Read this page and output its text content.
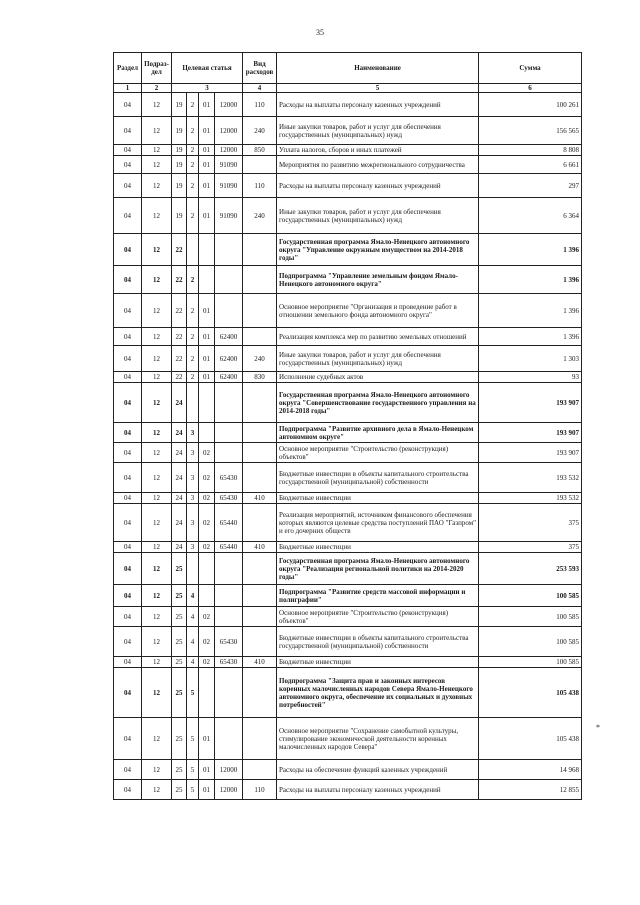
35
Раздел	Подраз-дел	Целевая статья				Вид расходов	Наименование	Сумма
1	2	3				4	5	6
04	12	19	2	01	12000	110	Расходы на выплаты персоналу казенных учреждений	100 261
04	12	19	2	01	12000	240	Иные закупки товаров, работ и услуг для обеспечения государственных (муниципальных) нужд	156 565
04	12	19	2	01	12000	850	Уплата налогов, сборов и иных платежей	8 808
04	12	19	2	01	91090		Мероприятия по развитию межрегионального сотрудничества	6 661
04	12	19	2	01	91090	110	Расходы на выплаты персоналу казенных учреждений	297
04	12	19	2	01	91090	240	Иные закупки товаров, работ и услуг для обеспечения государственных (муниципальных) нужд	6 364
04	12	22					Государственная программа Ямало-Ненецкого автономного округа "Управление окружным имуществом на 2014-2018 годы"	1 396
04	12	22	2				Подпрограмма "Управление земельным фондом Ямало-Ненецкого автономного округа"	1 396
04	12	22	2	01			Основное мероприятие "Организация и проведение работ в отношении земельного фонда автономного округа"	1 396
04	12	22	2	01	62400		Реализация комплекса мер по развитию земельных отношений	1 396
04	12	22	2	01	62400	240	Иные закупки товаров, работ и услуг для обеспечения государственных (муниципальных) нужд	1 303
04	12	22	2	01	62400	830	Исполнение судебных актов	93
04	12	24					Государственная программа Ямало-Ненецкого автономного округа "Совершенствование государственного управления на 2014-2018 годы"	193 907
04	12	24	3				Подпрограмма "Развитие архивного дела в Ямало-Ненецком автономном округе"	193 907
04	12	24	3	02			Основное мероприятие "Строительство (реконструкция) объектов"	193 907
04	12	24	3	02	65430		Бюджетные инвестиции в объекты капитального строительства государственной (муниципальной) собственности	193 532
04	12	24	3	02	65430	410	Бюджетные инвестиции	193 532
04	12	24	3	02	65440		Реализация мероприятий, источником финансового обеспечения которых являются целевые средства поступлений ПАО "Газпром" и его дочерних обществ	375
04	12	24	3	02	65440	410	Бюджетные инвестиции	375
04	12	25					Государственная программа Ямало-Ненецкого автономного округа "Реализация региональной политики на 2014-2020 годы"	253 593
04	12	25	4				Подпрограмма "Развитие средств массовой информации и полиграфии"	100 585
04	12	25	4	02			Основное мероприятие "Строительство (реконструкция) объектов"	100 585
04	12	25	4	02	65430		Бюджетные инвестиции в объекты капитального строительства государственной (муниципальной) собственности	100 585
04	12	25	4	02	65430	410	Бюджетные инвестиции	100 585
04	12	25	5				Подпрограмма "Защита прав и законных интересов коренных малочисленных народов Севера Ямало-Ненецкого автономного округа, обеспечение их социальных и духовных потребностей"	105 438
04	12	25	5	01			Основное мероприятие "Сохранение самобытной культуры, стимулирование экономической деятельности коренных малочисленных народов Севера"	105 438
04	12	25	5	01	12000		Расходы на обеспечение функций казенных учреждений	14 968
04	12	25	5	01	12000	110	Расходы на выплаты персоналу казенных учреждений	12 855
*
